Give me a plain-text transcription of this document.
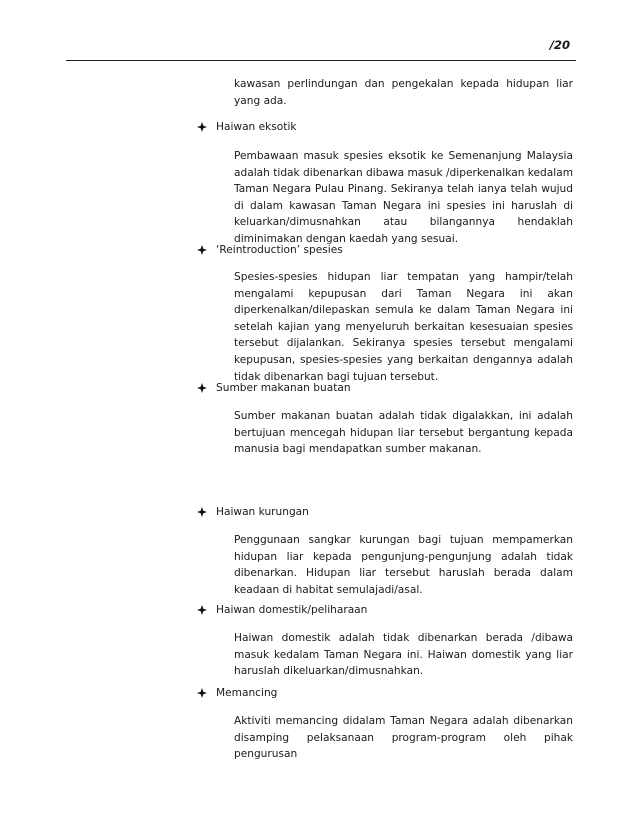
/20
kawasan perlindungan dan pengekalan kepada hidupan liar yang ada.
Haiwan eksotik
Pembawaan masuk spesies eksotik ke Semenanjung Malaysia adalah tidak dibenarkan dibawa masuk /diperkenalkan kedalam Taman Negara Pulau Pinang. Sekiranya telah ianya telah wujud di dalam kawasan Taman Negara ini spesies ini haruslah di keluarkan/dimusnahkan atau bilangannya hendaklah diminimakan dengan kaedah yang sesuai.
‘Reintroduction’ spesies
Spesies-spesies hidupan liar tempatan yang hampir/telah mengalami kepupusan dari Taman Negara ini akan diperkenalkan/dilepaskan semula ke dalam Taman Negara ini setelah kajian yang menyeluruh berkaitan kesesuaian spesies tersebut dijalankan. Sekiranya spesies tersebut mengalami kepupusan, spesies-spesies yang berkaitan dengannya adalah tidak dibenarkan bagi tujuan tersebut.
Sumber makanan buatan
Sumber makanan buatan adalah tidak digalakkan, ini adalah bertujuan mencegah hidupan liar tersebut bergantung kepada manusia bagi mendapatkan sumber makanan.
Haiwan kurungan
Penggunaan sangkar kurungan bagi tujuan mempamerkan hidupan liar kepada pengunjung-pengunjung adalah tidak dibenarkan. Hidupan liar tersebut haruslah berada dalam keadaan di habitat semulajadi/asal.
Haiwan domestik/peliharaan
Haiwan domestik adalah tidak dibenarkan berada /dibawa masuk kedalam Taman Negara ini. Haiwan domestik yang liar haruslah dikeluarkan/dimusnahkan.
Memancing
Aktiviti memancing didalam Taman Negara adalah dibenarkan disamping pelaksanaan program-program oleh pihak pengurusan
